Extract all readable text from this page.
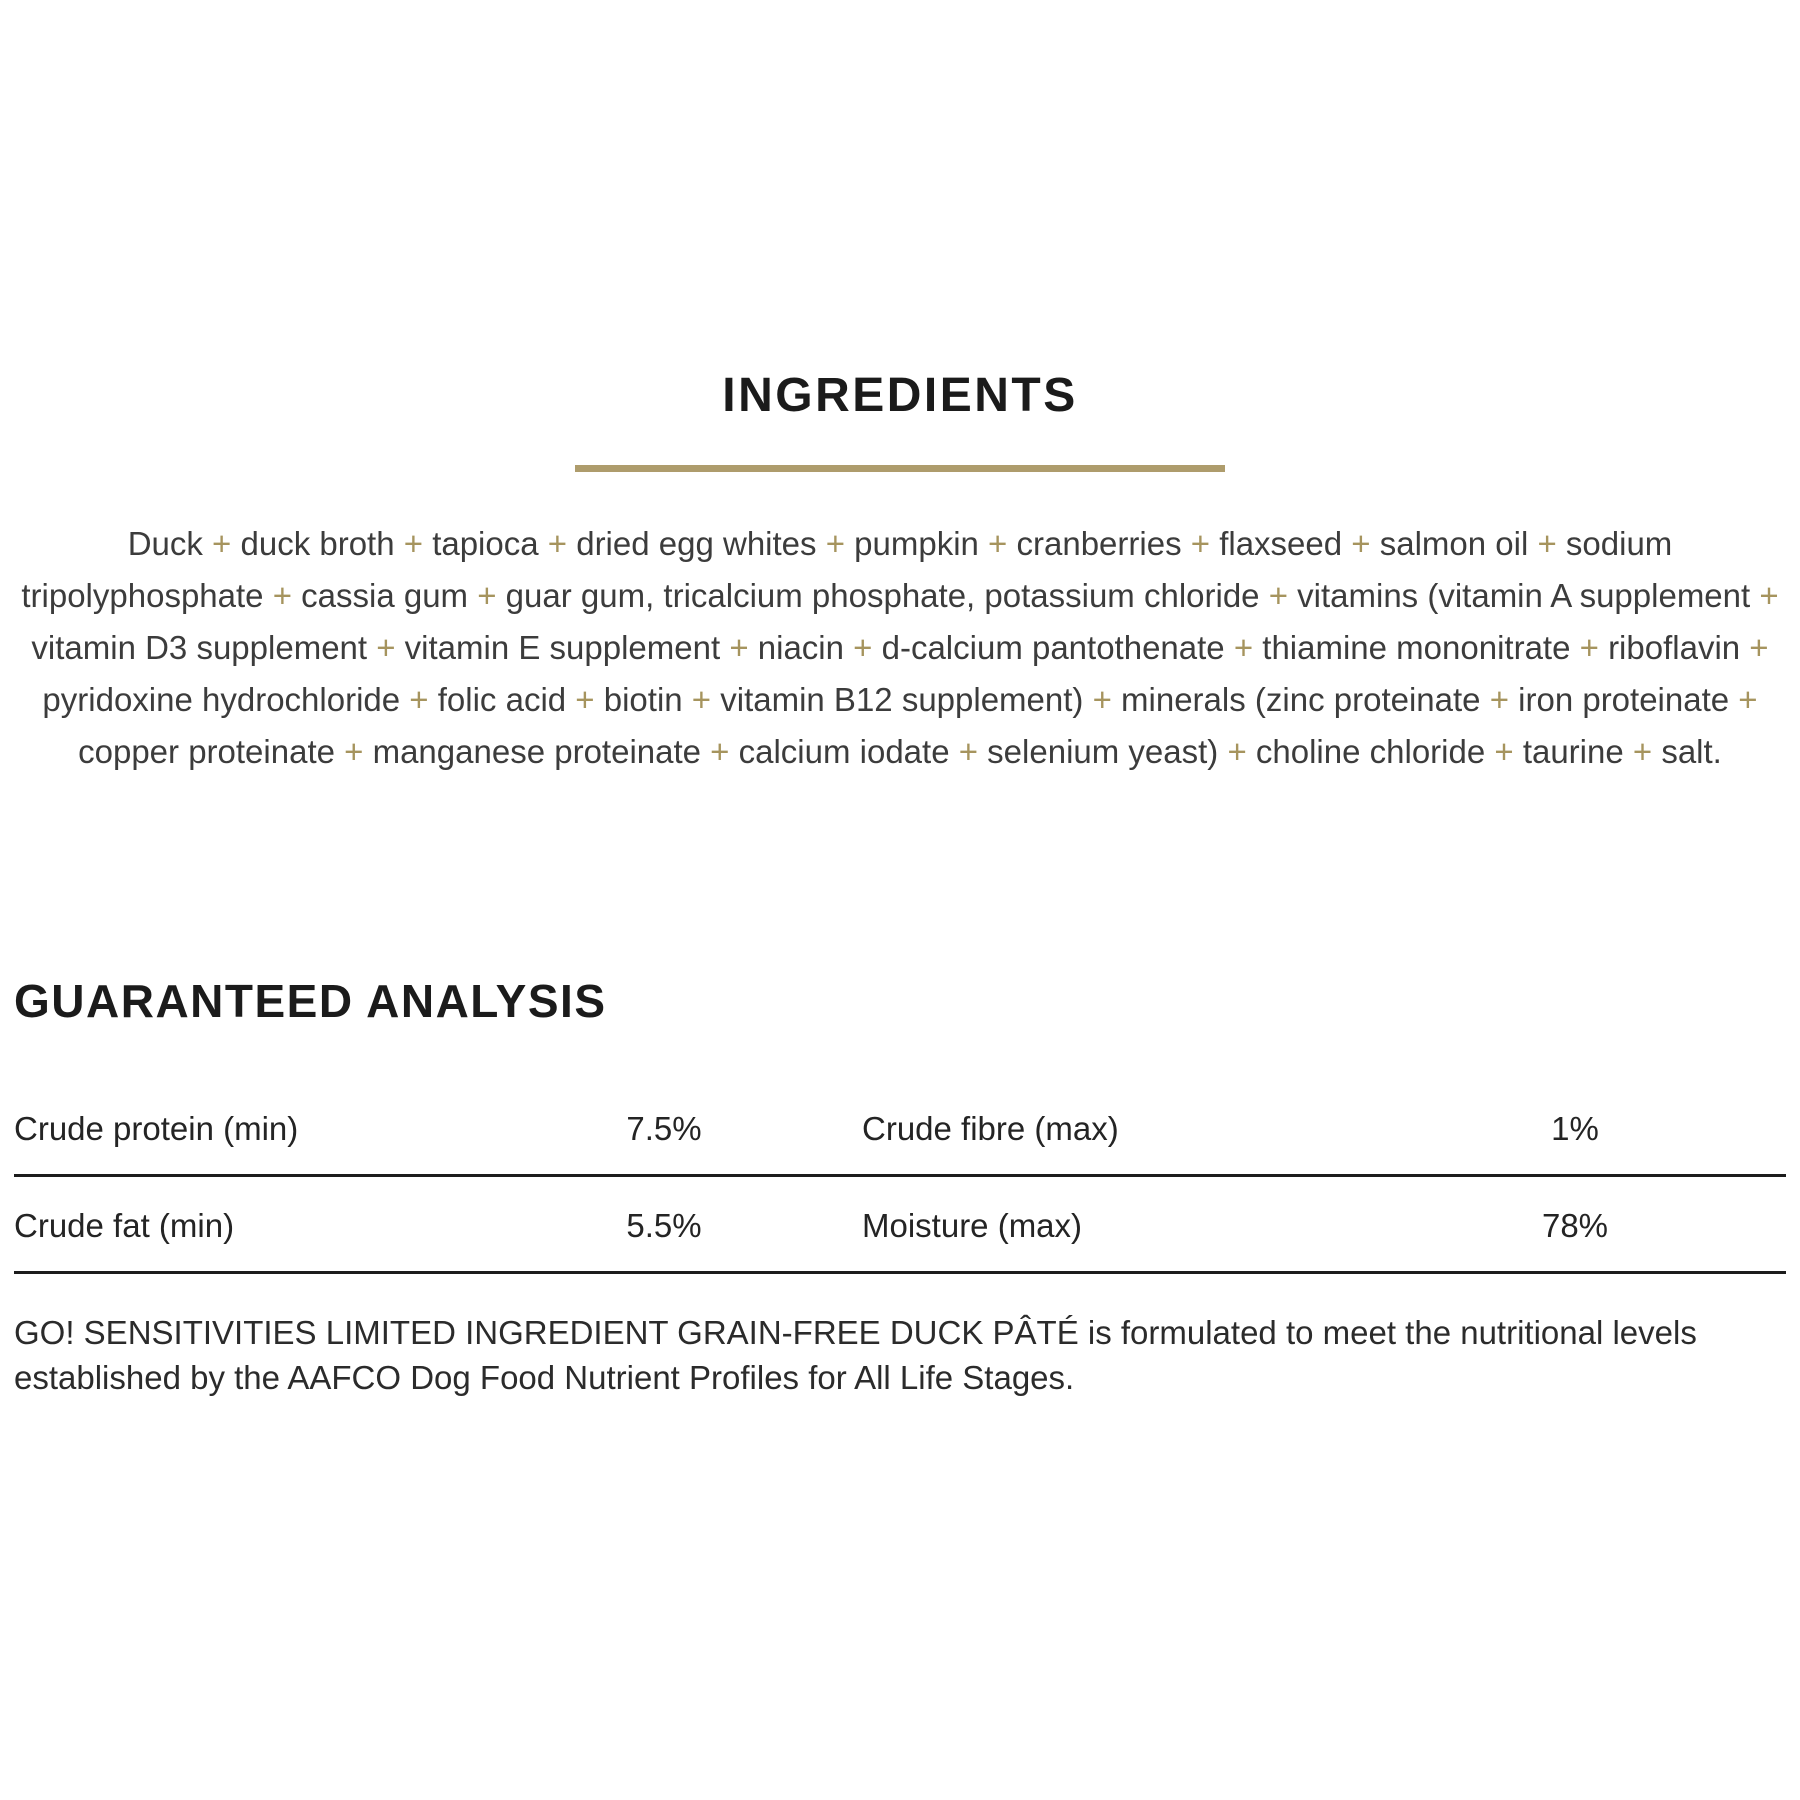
INGREDIENTS

Duck + duck broth + tapioca + dried egg whites + pumpkin + cranberries + flaxseed + salmon oil + sodium tripolyphosphate + cassia gum + guar gum, tricalcium phosphate, potassium chloride + vitamins (vitamin A supplement + vitamin D3 supplement + vitamin E supplement + niacin + d-calcium pantothenate + thiamine mononitrate + riboflavin + pyridoxine hydrochloride + folic acid + biotin + vitamin B12 supplement) + minerals (zinc proteinate + iron proteinate + copper proteinate + manganese proteinate + calcium iodate + selenium yeast) + choline chloride + taurine + salt.

GUARANTEED ANALYSIS
Crude protein (min)	7.5%	Crude fibre (max)	1%
Crude fat (min)	5.5%	Moisture (max)	78%

GO! SENSITIVITIES LIMITED INGREDIENT GRAIN-FREE DUCK PÂTÉ is formulated to meet the nutritional levels established by the AAFCO Dog Food Nutrient Profiles for All Life Stages.
